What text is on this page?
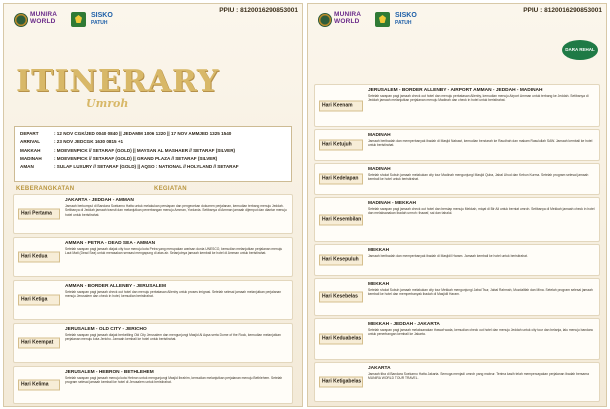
MUNIRA
WORLD
SISKO
PATUH
PPIU : 8120016290853001
ITINERARY
Umroh
DEPART	: 12 NOV CGK/JED 0040 0840 || JEDAMM 1006 1220 || 17 NOV AMMJED 1325 1540
ARRIVAL	: 23 NOV JEDCGK 1630 0815 +1
MAKKAH	: MOEVENPICK // SETARAF (GOLD) || MAYSAN AL MASHAER // SETARAF (SILVER)
MADINAH	: MOEVENPICK // SETARAF (GOLD) || GRAND PLAZA // SETARAF (SILVER)
AMAN	: SULAF LUXURY // SETARAF (GOLD) || AQSO : NATIONAL // HOLYLAND // SETARAF
KEBERANGKATAN	KEGIATAN
Hari Pertama
JAKARTA - JEDDAH - AMMAN
Jamaah berkumpul di Bandara Soekarno Hatta untuk melakukan persiapan dan pengecekan dokumen perjalanan, kemudian terbang menuju Jeddah. Setibanya di Jeddah jamaah transit dan melanjutkan penerbangan menuju Amman, Yordania. Setibanya di Amman jamaah dijemput dan diantar menuju hotel untuk beristirahat.
Hari Kedua
AMMAN - PETRA - DEAD SEA - AMMAN
Setelah sarapan pagi jamaah diajak city tour menuju kota Petra yang merupakan warisan dunia UNESCO, kemudian melanjutkan perjalanan menuju Laut Mati (Dead Sea) untuk merasakan sensasi mengapung di atas air. Selanjutnya jamaah kembali ke hotel di Amman untuk beristirahat.
Hari Ketiga
AMMAN - BORDER ALLENBY - JERUSALEM
Setelah sarapan pagi jamaah check out hotel dan menuju perbatasan Allenby untuk proses imigrasi. Setelah selesai jamaah melanjutkan perjalanan menuju Jerusalem dan check in hotel, kemudian beristirahat.
Hari Keempat
JERUSALEM - OLD CITY - JERICHO
Setelah sarapan pagi jamaah diajak berkeliling Old City Jerusalem dan mengunjungi Masjid Al Aqsa serta Dome of the Rock, kemudian melanjutkan perjalanan menuju kota Jericho. Jamaah kembali ke hotel untuk beristirahat.
Hari Kelima
JERUSALEM - HEBRON - BETHLEHEM
Setelah sarapan pagi jamaah menuju kota Hebron untuk mengunjungi Masjid Ibrahim, kemudian melanjutkan perjalanan menuju Bethlehem. Setelah program selesai jamaah kembali ke hotel di Jerusalem untuk beristirahat.
MUNIRA
WORLD
SISKO
PATUH
PPIU : 8120016290853001
DARA REHAL
Hari Keenam
JERUSALEM - BORDER ALLENBY - AIRPORT AMMAN - JEDDAH - MADINAH
Setelah sarapan pagi jamaah check out hotel dan menuju perbatasan Allenby, kemudian menuju Airport Amman untuk terbang ke Jeddah. Setibanya di Jeddah jamaah melanjutkan perjalanan menuju Madinah dan check in hotel untuk beristirahat.
Hari Ketujuh
MADINAH
Jamaah beribadah dan memperbanyak ibadah di Masjid Nabawi, kemudian berziarah ke Raudhah dan makam Rasulullah SAW. Jamaah kembali ke hotel untuk beristirahat.
Hari Kedelapan
MADINAH
Setelah sholat Subuh jamaah melakukan city tour Madinah mengunjungi Masjid Quba, Jabal Uhud dan Kebun Kurma. Setelah program selesai jamaah kembali ke hotel untuk beristirahat.
Hari Kesembilan
MADINAH - MEKKAH
Setelah sarapan pagi jamaah check out hotel dan bersiap menuju Mekkah, miqat di Bir Ali untuk berniat umroh. Setibanya di Mekkah jamaah check in hotel dan melaksanakan ibadah umroh: thawaf, sai dan tahalul.
Hari Kesepuluh
MEKKAH
Jamaah beribadah dan memperbanyak ibadah di Masjidil Haram. Jamaah kembali ke hotel untuk beristirahat.
Hari Kesebelas
MEKKAH
Setelah sholat Subuh jamaah melakukan city tour Mekkah mengunjungi Jabal Tsur, Jabal Rahmah, Muzdalifah dan Mina. Setelah program selesai jamaah kembali ke hotel dan memperbanyak ibadah di Masjidil Haram.
Hari Keduabelas
MEKKAH - JEDDAH - JAKARTA
Setelah sarapan pagi jamaah melaksanakan thawaf wada, kemudian check out hotel dan menuju Jeddah untuk city tour dan belanja, lalu menuju bandara untuk penerbangan kembali ke Jakarta.
Hari Ketigabelas
JAKARTA
Jamaah tiba di Bandara Soekarno Hatta Jakarta. Semoga menjadi umroh yang mabrur. Terima kasih telah mempercayakan perjalanan ibadah bersama MUNIRA WORLD TOUR TRAVEL.
